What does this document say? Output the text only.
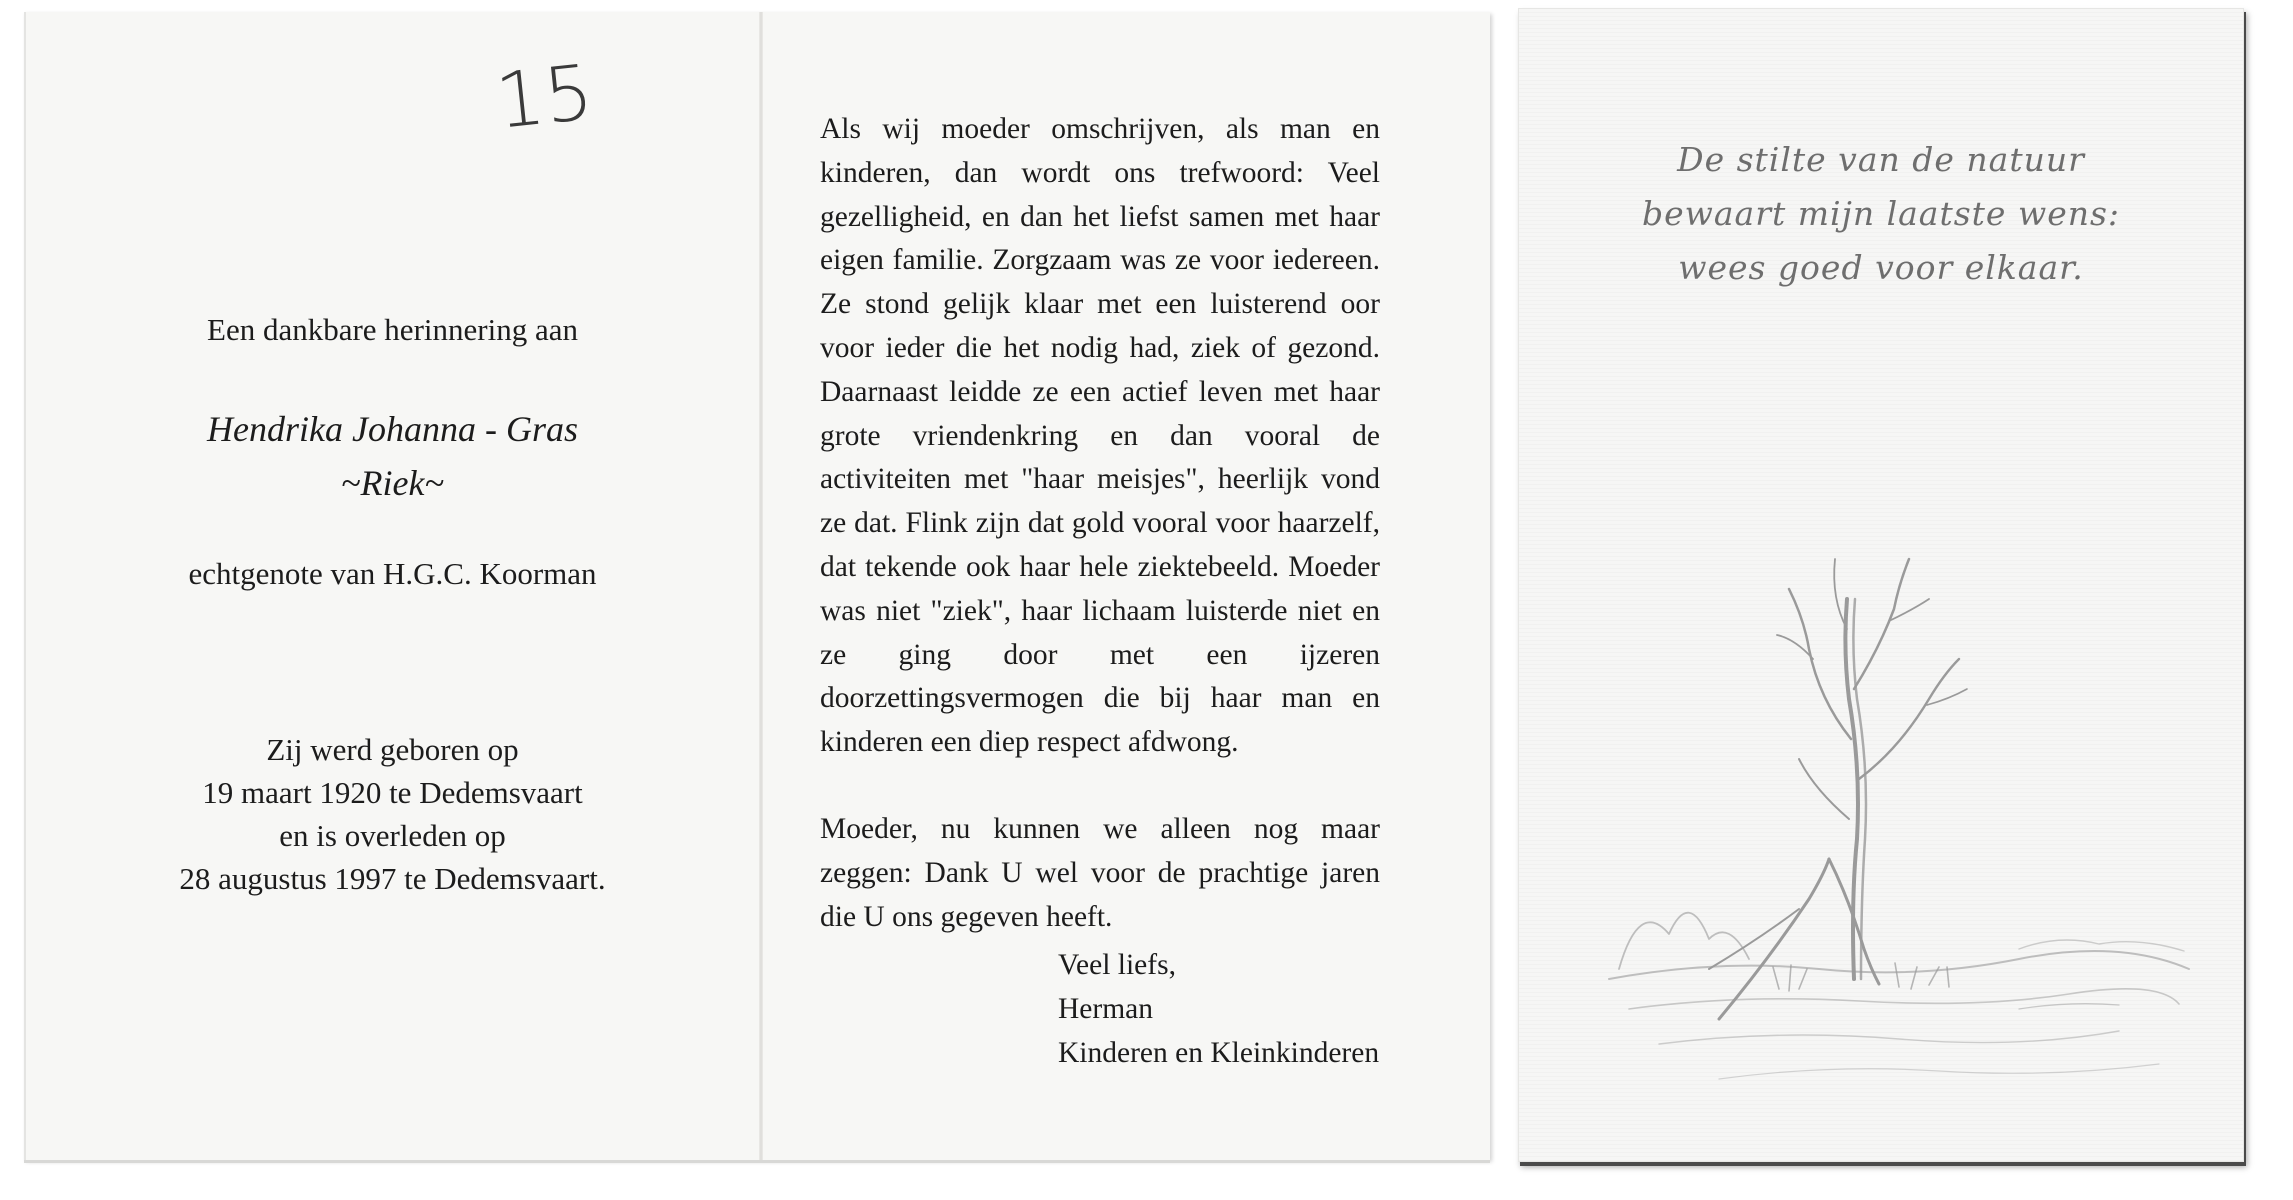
15
Een dankbare herinnering aan
Hendrika Johanna - Gras
~Riek~
echtgenote van H.G.C. Koorman
Zij werd geboren op
19 maart 1920 te Dedemsvaart
en is overleden op
28 augustus 1997 te Dedemsvaart.

Als wij moeder omschrijven, als man en kinderen, dan wordt ons trefwoord: Veel gezelligheid, en dan het liefst samen met haar eigen familie. Zorgzaam was ze voor iedereen. Ze stond gelijk klaar met een luisterend oor voor ieder die het nodig had, ziek of gezond. Daarnaast leidde ze een actief leven met haar grote vriendenkring en dan vooral de activiteiten met "haar meisjes", heerlijk vond ze dat. Flink zijn dat gold vooral voor haarzelf, dat tekende ook haar hele ziektebeeld. Moeder was niet "ziek", haar lichaam luisterde niet en ze ging door met een ijzeren doorzettingsvermogen die bij haar man en kinderen een diep respect afdwong.

Moeder, nu kunnen we alleen nog maar zeggen: Dank U wel voor de prachtige jaren die U ons gegeven heeft.

Veel liefs,
Herman
Kinderen en Kleinkinderen
De stilte van de natuur
bewaart mijn laatste wens:
wees goed voor elkaar.
